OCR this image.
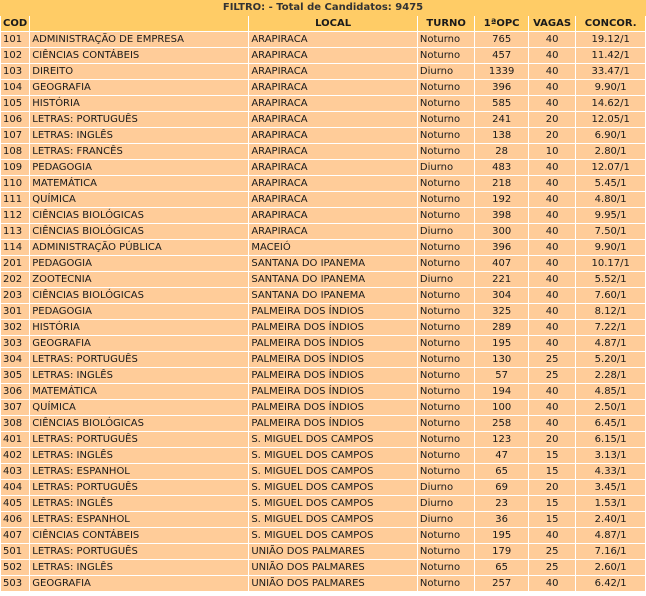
FILTRO: - Total de Candidatos: 9475
COD		LOCAL	TURNO	1ªOPC	VAGAS	CONCOR.
101	ADMINISTRAÇÃO DE EMPRESA	ARAPIRACA	Noturno	765	40	19.12/1
102	CIÊNCIAS CONTÁBEIS	ARAPIRACA	Noturno	457	40	11.42/1
103	DIREITO	ARAPIRACA	Diurno	1339	40	33.47/1
104	GEOGRAFIA	ARAPIRACA	Noturno	396	40	9.90/1
105	HISTÓRIA	ARAPIRACA	Noturno	585	40	14.62/1
106	LETRAS: PORTUGUÊS	ARAPIRACA	Noturno	241	20	12.05/1
107	LETRAS: INGLÊS	ARAPIRACA	Noturno	138	20	6.90/1
108	LETRAS: FRANCÊS	ARAPIRACA	Noturno	28	10	2.80/1
109	PEDAGOGIA	ARAPIRACA	Diurno	483	40	12.07/1
110	MATEMÁTICA	ARAPIRACA	Noturno	218	40	5.45/1
111	QUÍMICA	ARAPIRACA	Noturno	192	40	4.80/1
112	CIÊNCIAS BIOLÓGICAS	ARAPIRACA	Noturno	398	40	9.95/1
113	CIÊNCIAS BIOLÓGICAS	ARAPIRACA	Diurno	300	40	7.50/1
114	ADMINISTRAÇÃO PÚBLICA	MACEIÓ	Noturno	396	40	9.90/1
201	PEDAGOGIA	SANTANA DO IPANEMA	Noturno	407	40	10.17/1
202	ZOOTECNIA	SANTANA DO IPANEMA	Diurno	221	40	5.52/1
203	CIÊNCIAS BIOLÓGICAS	SANTANA DO IPANEMA	Noturno	304	40	7.60/1
301	PEDAGOGIA	PALMEIRA DOS ÍNDIOS	Noturno	325	40	8.12/1
302	HISTÓRIA	PALMEIRA DOS ÍNDIOS	Noturno	289	40	7.22/1
303	GEOGRAFIA	PALMEIRA DOS ÍNDIOS	Noturno	195	40	4.87/1
304	LETRAS: PORTUGUÊS	PALMEIRA DOS ÍNDIOS	Noturno	130	25	5.20/1
305	LETRAS: INGLÊS	PALMEIRA DOS ÍNDIOS	Noturno	57	25	2.28/1
306	MATEMÁTICA	PALMEIRA DOS ÍNDIOS	Noturno	194	40	4.85/1
307	QUÍMICA	PALMEIRA DOS ÍNDIOS	Noturno	100	40	2.50/1
308	CIÊNCIAS BIOLÓGICAS	PALMEIRA DOS ÍNDIOS	Noturno	258	40	6.45/1
401	LETRAS: PORTUGUÊS	S. MIGUEL DOS CAMPOS	Noturno	123	20	6.15/1
402	LETRAS: INGLÊS	S. MIGUEL DOS CAMPOS	Noturno	47	15	3.13/1
403	LETRAS: ESPANHOL	S. MIGUEL DOS CAMPOS	Noturno	65	15	4.33/1
404	LETRAS: PORTUGUÊS	S. MIGUEL DOS CAMPOS	Diurno	69	20	3.45/1
405	LETRAS: INGLÊS	S. MIGUEL DOS CAMPOS	Diurno	23	15	1.53/1
406	LETRAS: ESPANHOL	S. MIGUEL DOS CAMPOS	Diurno	36	15	2.40/1
407	CIÊNCIAS CONTÁBEIS	S. MIGUEL DOS CAMPOS	Noturno	195	40	4.87/1
501	LETRAS: PORTUGUÊS	UNIÃO DOS PALMARES	Noturno	179	25	7.16/1
502	LETRAS: INGLÊS	UNIÃO DOS PALMARES	Noturno	65	25	2.60/1
503	GEOGRAFIA	UNIÃO DOS PALMARES	Noturno	257	40	6.42/1
